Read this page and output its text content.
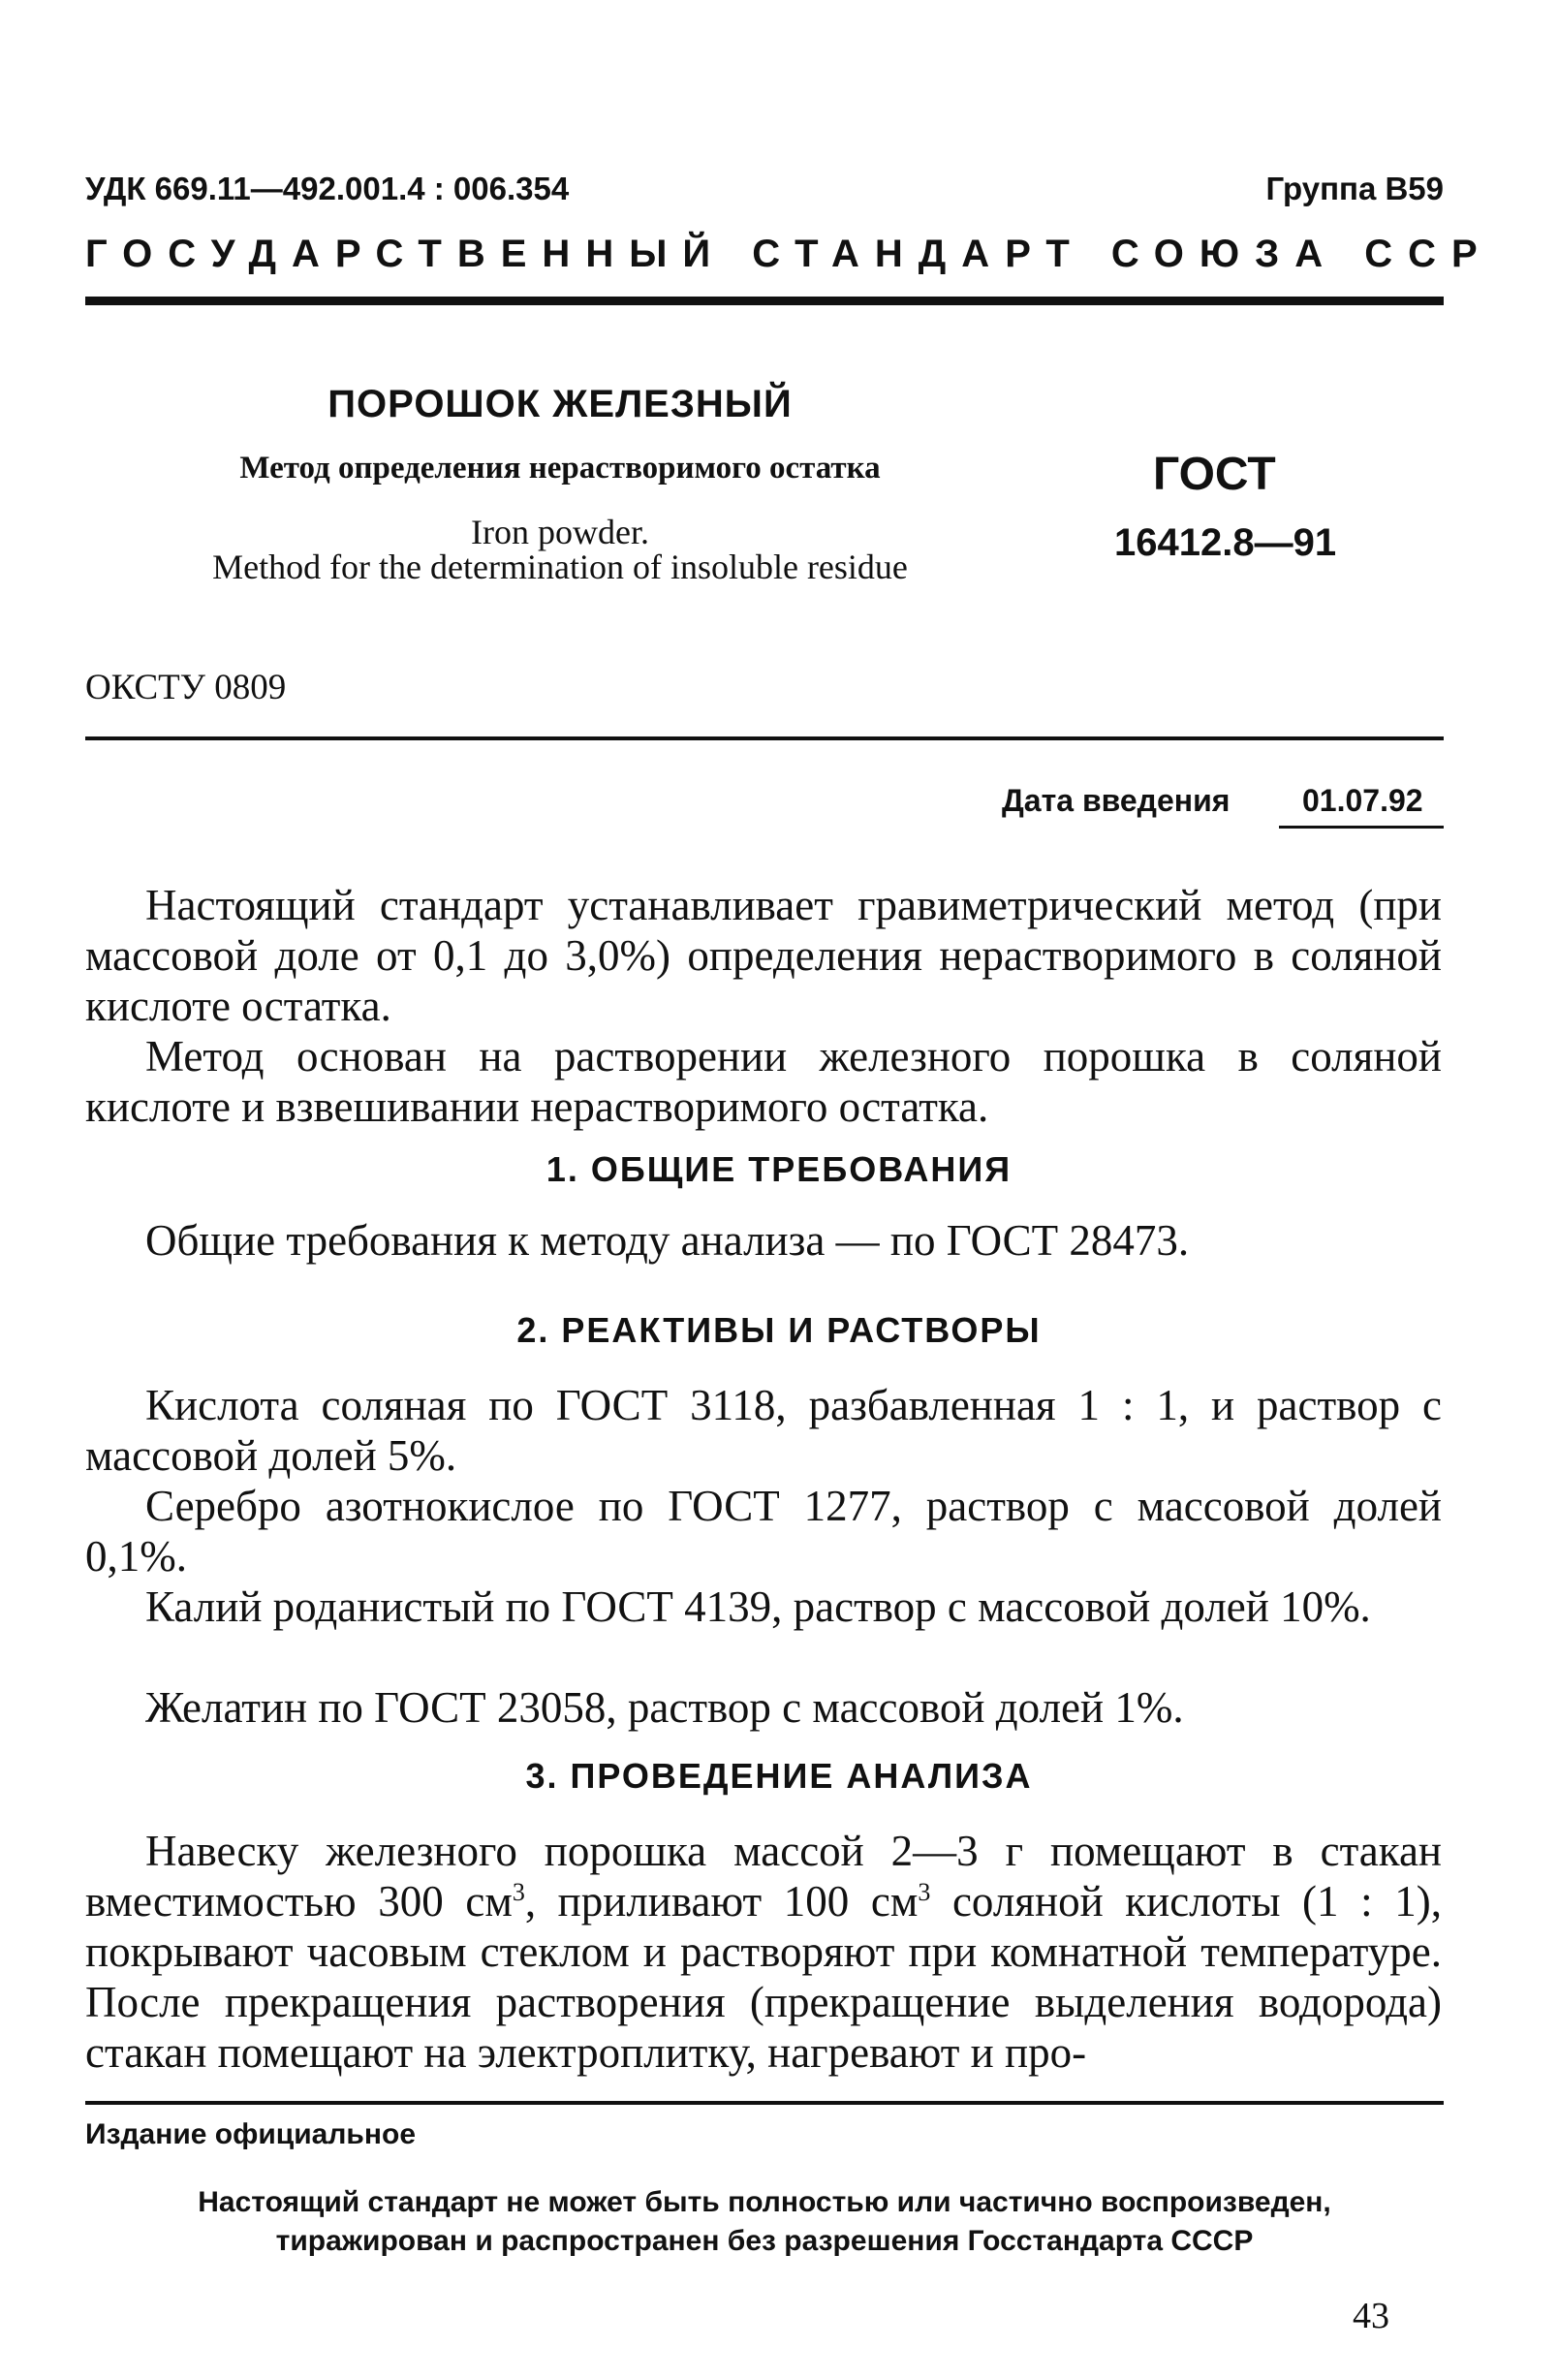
УДК 669.11—492.001.4 : 006.354	Группа В59
ГОСУДАРСТВЕННЫЙ СТАНДАРТ СОЮЗА ССР
ПОРОШОК ЖЕЛЕЗНЫЙ
Метод определения нерастворимого остатка
Iron powder.
Method for the determination of insoluble residue
ГОСТ
16412.8—91
ОКСТУ 0809
Дата введения 01.07.92
Настоящий стандарт устанавливает гравиметрический метод (при массовой доле от 0,1 до 3,0%) определения нерастворимого в соляной кислоте остатка.
Метод основан на растворении железного порошка в соляной кислоте и взвешивании нерастворимого остатка.
1. ОБЩИЕ ТРЕБОВАНИЯ
Общие требования к методу анализа — по ГОСТ 28473.
2. РЕАКТИВЫ И РАСТВОРЫ
Кислота соляная по ГОСТ 3118, разбавленная 1 : 1, и раствор с массовой долей 5%.
Серебро азотнокислое по ГОСТ 1277, раствор с массовой долей 0,1%.
Калий роданистый по ГОСТ 4139, раствор с массовой долей 10%.
Желатин по ГОСТ 23058, раствор с массовой долей 1%.
3. ПРОВЕДЕНИЕ АНАЛИЗА
Навеску железного порошка массой 2—3 г помещают в стакан вместимостью 300 $см^3$, приливают 100 $см^3$ соляной кислоты (1 : 1), покрывают часовым стеклом и растворяют при комнатной температуре. После прекращения растворения (прекращение выделения водорода) стакан помещают на электроплитку, нагревают и про-
Издание официальное
Настоящий стандарт не может быть полностью или частично воспроизведен,
тиражирован и распространен без разрешения Госстандарта СССР
43
